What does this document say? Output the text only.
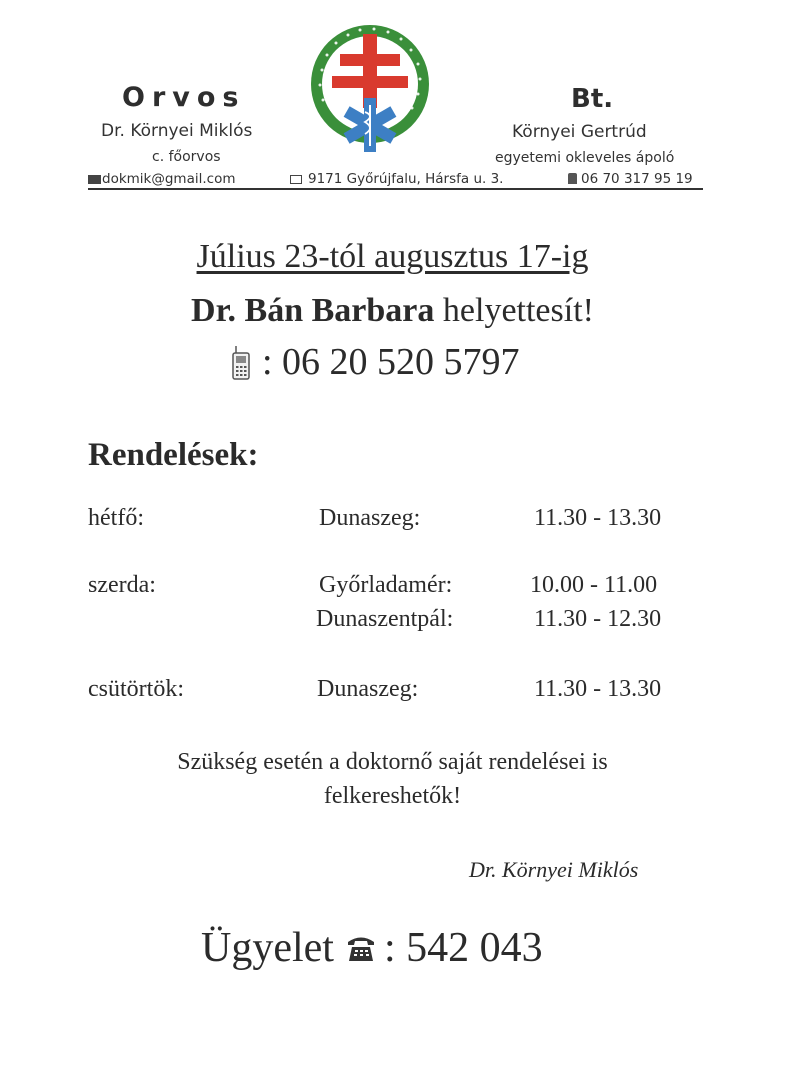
Orvos	Bt.
Dr. Környei Miklós	Környei Gertrúd
c. főorvos	egyetemi okleveles ápoló
dokmik@gmail.com	9171 Győrújfalu, Hársfa u. 3.	06 70 317 95 19
Július 23-tól augusztus 17-ig
Dr. Bán Barbara helyettesít!
: 06 20 520 5797
Rendelések:
hétfő:	Dunaszeg:	11.30 - 13.30
szerda:	Győrladamér:	10.00 - 11.00
Dunaszentpál:	11.30 - 12.30
csütörtök:	Dunaszeg:	11.30 - 13.30
Szükség esetén a doktornő saját rendelései is
felkereshetők!
Dr. Környei Miklós
Ügyelet : 542 043
